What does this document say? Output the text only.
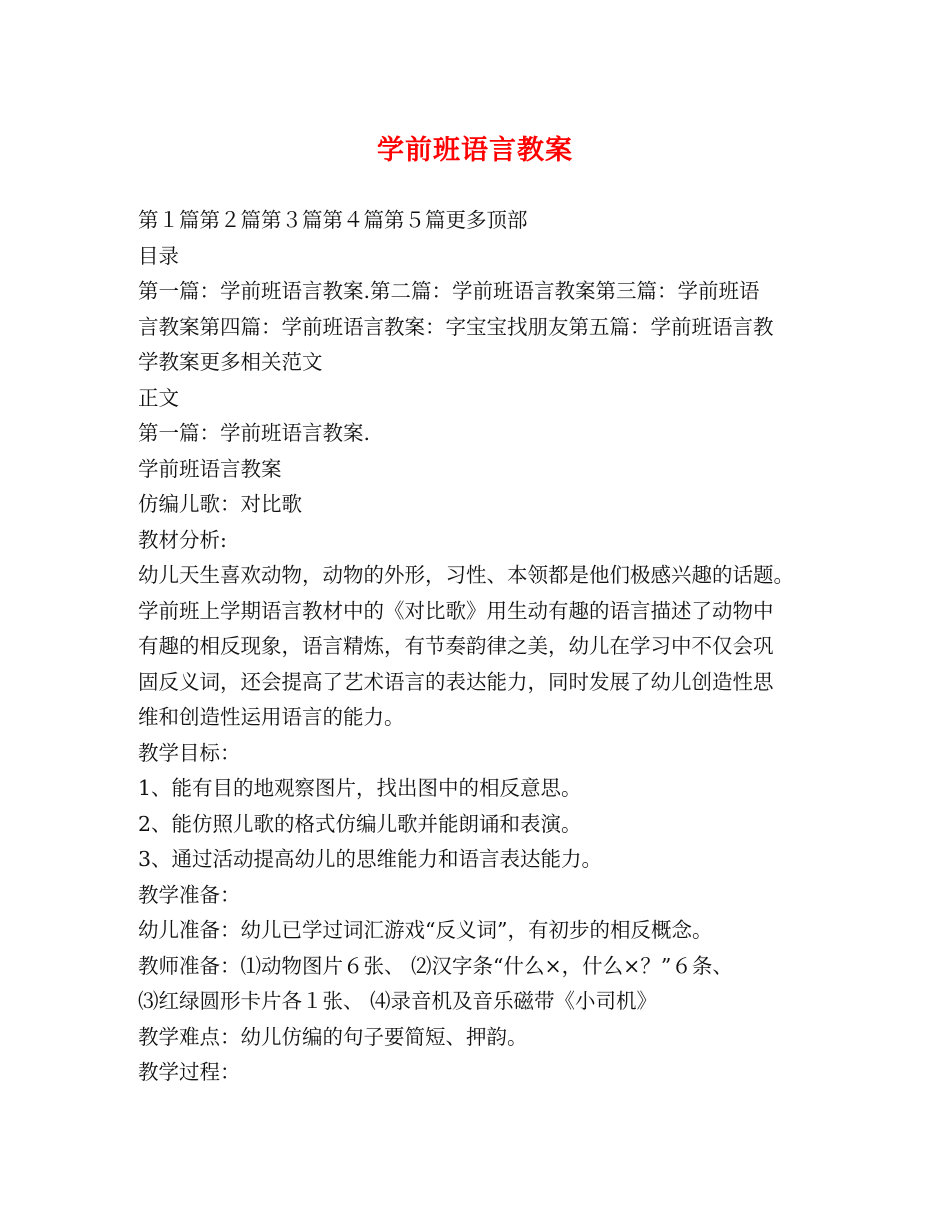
学前班语言教案
第１篇第２篇第３篇第４篇第５篇更多顶部
目录
第一篇：学前班语言教案.第二篇：学前班语言教案第三篇：学前班语
言教案第四篇：学前班语言教案：字宝宝找朋友第五篇：学前班语言教
学教案更多相关范文
正文
第一篇：学前班语言教案.
学前班语言教案
仿编儿歌：对比歌
教材分析:
幼儿天生喜欢动物，动物的外形，习性、本领都是他们极感兴趣的话题。
学前班上学期语言教材中的《对比歌》用生动有趣的语言描述了动物中
有趣的相反现象，语言精炼，有节奏韵律之美，幼儿在学习中不仅会巩
固反义词，还会提高了艺术语言的表达能力，同时发展了幼儿创造性思
维和创造性运用语言的能力。
教学目标：
1、能有目的地观察图片，找出图中的相反意思。
2、能仿照儿歌的格式仿编儿歌并能朗诵和表演。
3、通过活动提高幼儿的思维能力和语言表达能力。
教学准备：
幼儿准备：幼儿已学过词汇游戏“反义词”，有初步的相反概念。
教师准备：⑴动物图片６张、 ⑵汉字条“什么×，什么×？”６条、
⑶红绿圆形卡片各１张、 ⑷录音机及音乐磁带《小司机》
教学难点：幼儿仿编的句子要简短、押韵。
教学过程：
